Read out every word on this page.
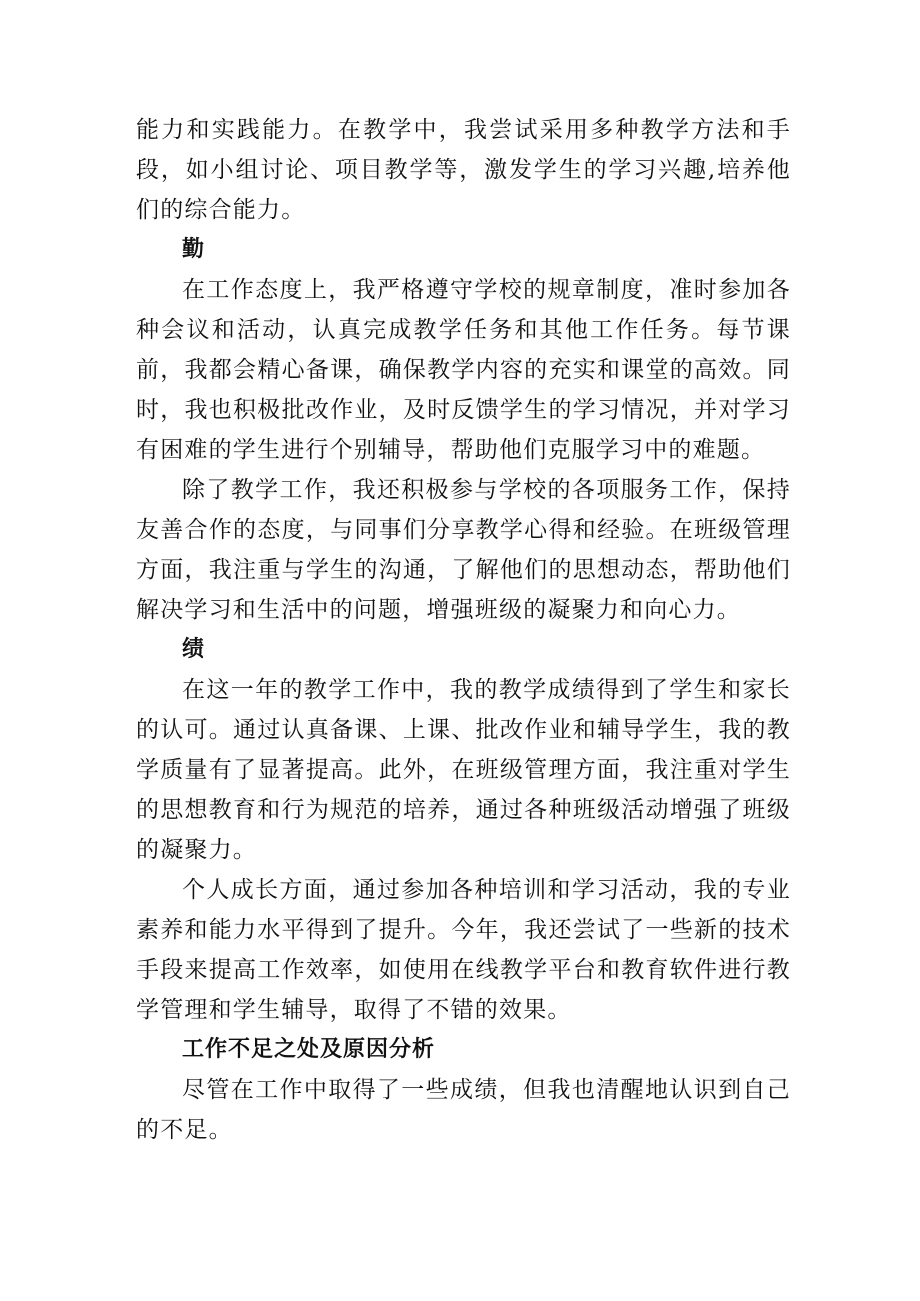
能力和实践能力。在教学中，我尝试采用多种教学方法和手段，如小组讨论、项目教学等，激发学生的学习兴趣,培养他们的综合能力。

勤

在工作态度上，我严格遵守学校的规章制度，准时参加各种会议和活动，认真完成教学任务和其他工作任务。每节课前，我都会精心备课，确保教学内容的充实和课堂的高效。同时，我也积极批改作业，及时反馈学生的学习情况，并对学习有困难的学生进行个别辅导，帮助他们克服学习中的难题。

除了教学工作，我还积极参与学校的各项服务工作，保持友善合作的态度，与同事们分享教学心得和经验。在班级管理方面，我注重与学生的沟通，了解他们的思想动态，帮助他们解决学习和生活中的问题，增强班级的凝聚力和向心力。

绩

在这一年的教学工作中，我的教学成绩得到了学生和家长的认可。通过认真备课、上课、批改作业和辅导学生，我的教学质量有了显著提高。此外，在班级管理方面，我注重对学生的思想教育和行为规范的培养，通过各种班级活动增强了班级的凝聚力。

个人成长方面，通过参加各种培训和学习活动，我的专业素养和能力水平得到了提升。今年，我还尝试了一些新的技术手段来提高工作效率，如使用在线教学平台和教育软件进行教学管理和学生辅导，取得了不错的效果。

工作不足之处及原因分析

尽管在工作中取得了一些成绩，但我也清醒地认识到自己的不足。
